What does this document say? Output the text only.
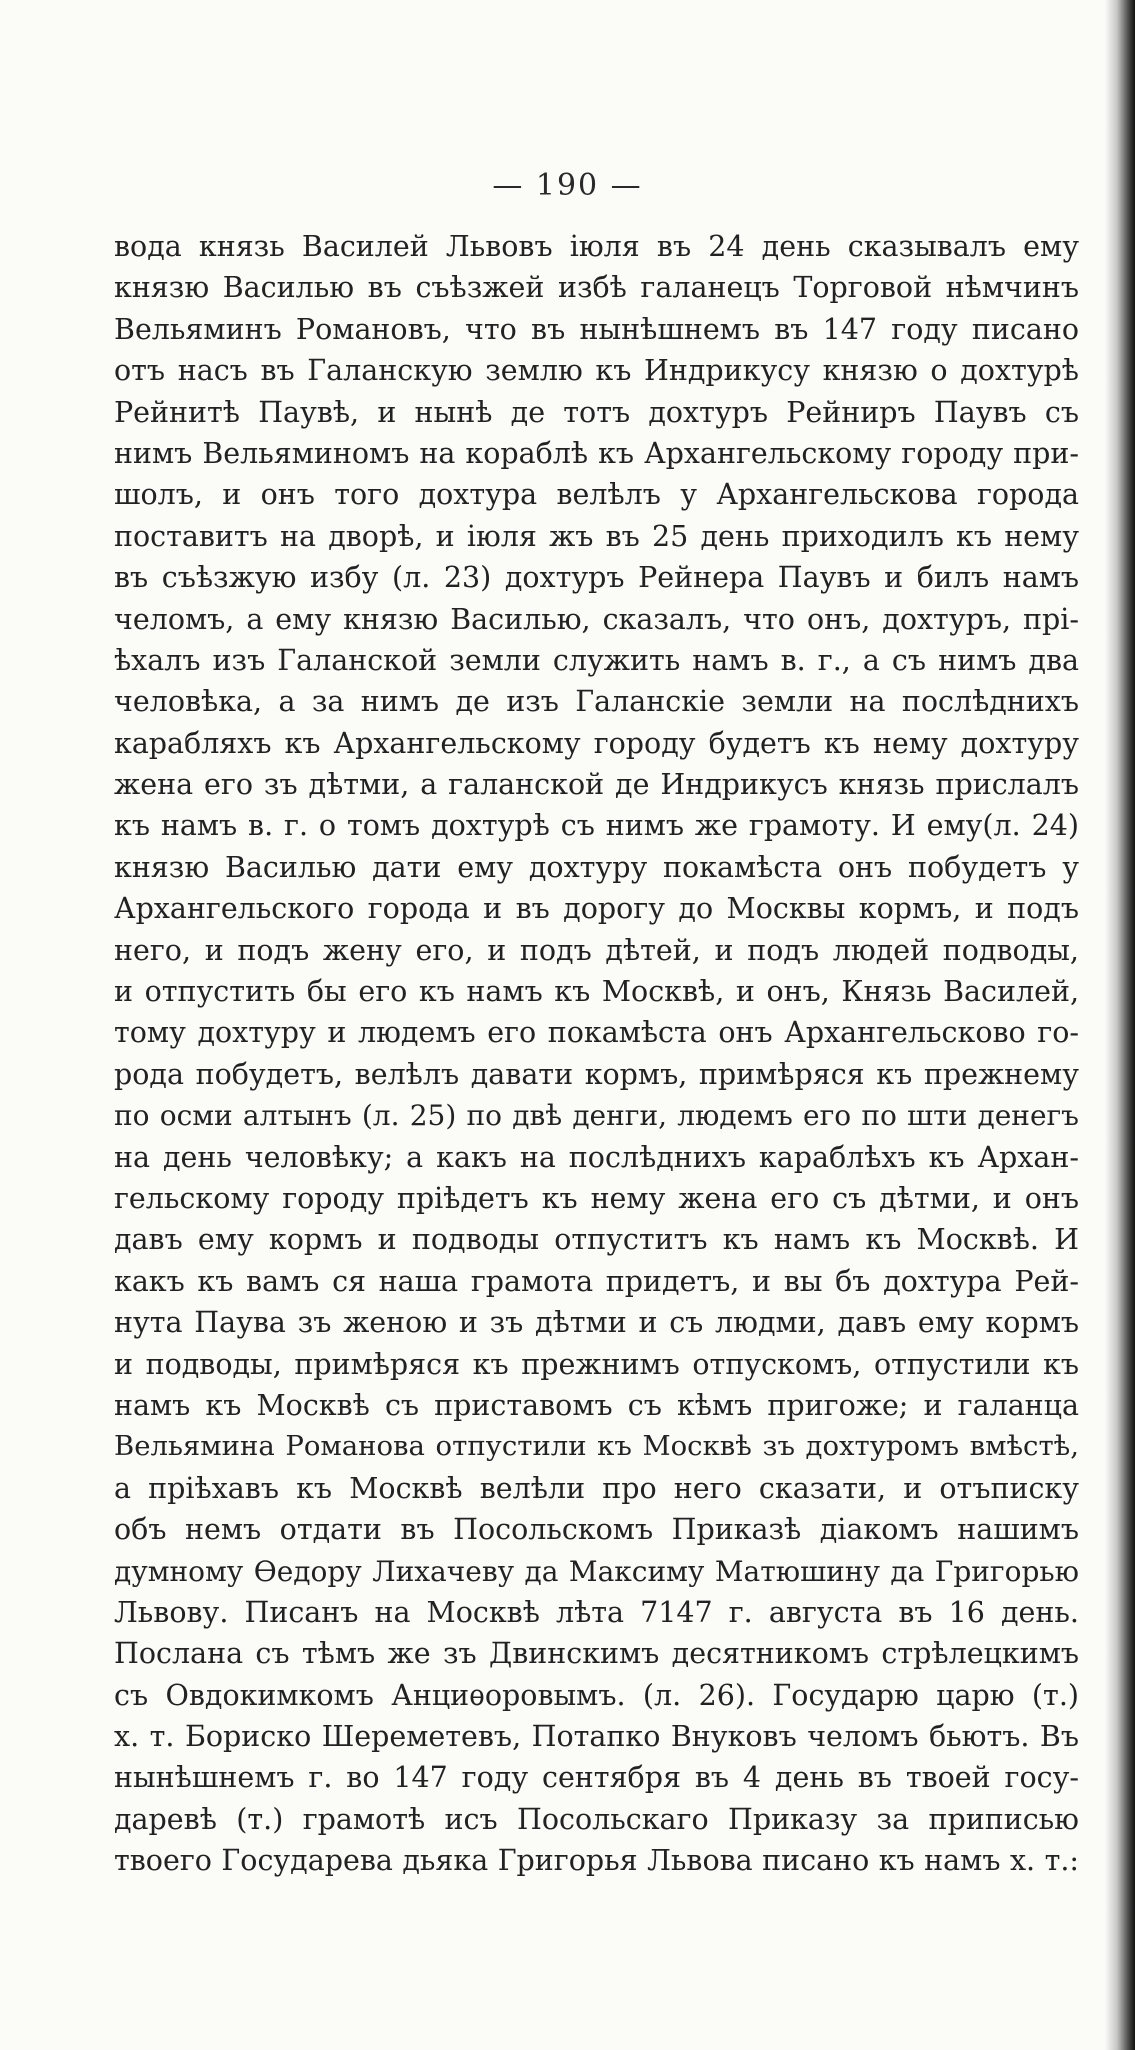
— 190 —
вода князь Василей Львовъ iюля въ 24 день сказывалъ ему
князю Василью въ съѣзжей избѣ галанецъ Торговой нѣмчинъ
Вельяминъ Романовъ, что въ нынѣшнемъ въ 147 году писано
отъ насъ въ Галанскую землю къ Индрикусу князю о дохтурѣ
Рейнитѣ Паувѣ, и нынѣ де тотъ дохтуръ Рейниръ Паувъ съ
нимъ Вельяминомъ на кораблѣ къ Архангельскому городу при-
шолъ, и онъ того дохтура велѣлъ у Архангельскова города
поставитъ на дворѣ, и iюля жъ въ 25 день приходилъ къ нему
въ съѣзжую избу (л. 23) дохтуръ Рейнера Паувъ и билъ намъ
челомъ, а ему князю Василью, сказалъ, что онъ, дохтуръ, прi-
ѣхалъ изъ Галанской земли служить намъ в. г., а съ нимъ два
человѣка, а за нимъ де изъ Галанскiе земли на послѣднихъ
карабляхъ къ Архангельскому городу будетъ къ нему дохтуру
жена его зъ дѣтми, а галанской де Индрикусъ князь прислалъ
къ намъ в. г. о томъ дохтурѣ съ нимъ же грамоту. И ему(л. 24)
князю Василью дати ему дохтуру покамѣста онъ побудетъ у
Архангельского города и въ дорогу до Москвы кормъ, и подъ
него, и подъ жену его, и подъ дѣтей, и подъ людей подводы,
и отпустить бы его къ намъ къ Москвѣ, и онъ, Князь Василей,
тому дохтуру и людемъ его покамѣста онъ Архангельсково го-
рода побудетъ, велѣлъ давати кормъ, примѣряся къ прежнему
по осми алтынъ (л. 25) по двѣ денги, людемъ его по шти денегъ
на день человѣку; а какъ на послѣднихъ караблѣхъ къ Архан-
гельскому городу прiѣдетъ къ нему жена его съ дѣтми, и онъ
давъ ему кормъ и подводы отпуститъ къ намъ къ Москвѣ. И
какъ къ вамъ ся наша грамота придетъ, и вы бъ дохтура Рей-
нута Паува зъ женою и зъ дѣтми и съ людми, давъ ему кормъ
и подводы, примѣряся къ прежнимъ отпускомъ, отпустили къ
намъ къ Москвѣ съ приставомъ съ кѣмъ пригоже; и галанца
Вельямина Романова отпустили къ Москвѣ зъ дохтуромъ вмѣстѣ,
а прiѣхавъ къ Москвѣ велѣли про него сказати, и отъписку
объ немъ отдати въ Посольскомъ Приказѣ дiакомъ нашимъ
думному Ѳедору Лихачеву да Максиму Матюшину да Григорью
Львову. Писанъ на Москвѣ лѣта 7147 г. августа въ 16 день.
Послана съ тѣмъ же зъ Двинскимъ десятникомъ стрѣлецкимъ
съ Овдокимкомъ Анциѳоровымъ. (л. 26). Государю царю (т.)
х. т. Бориско Шереметевъ, Потапко Внуковъ челомъ бьютъ. Въ
нынѣшнемъ г. во 147 году сентября въ 4 день въ твоей госу-
даревѣ (т.) грамотѣ исъ Посольскаго Приказу за приписью
твоего Государева дьяка Григорья Львова писано къ намъ х. т.:
